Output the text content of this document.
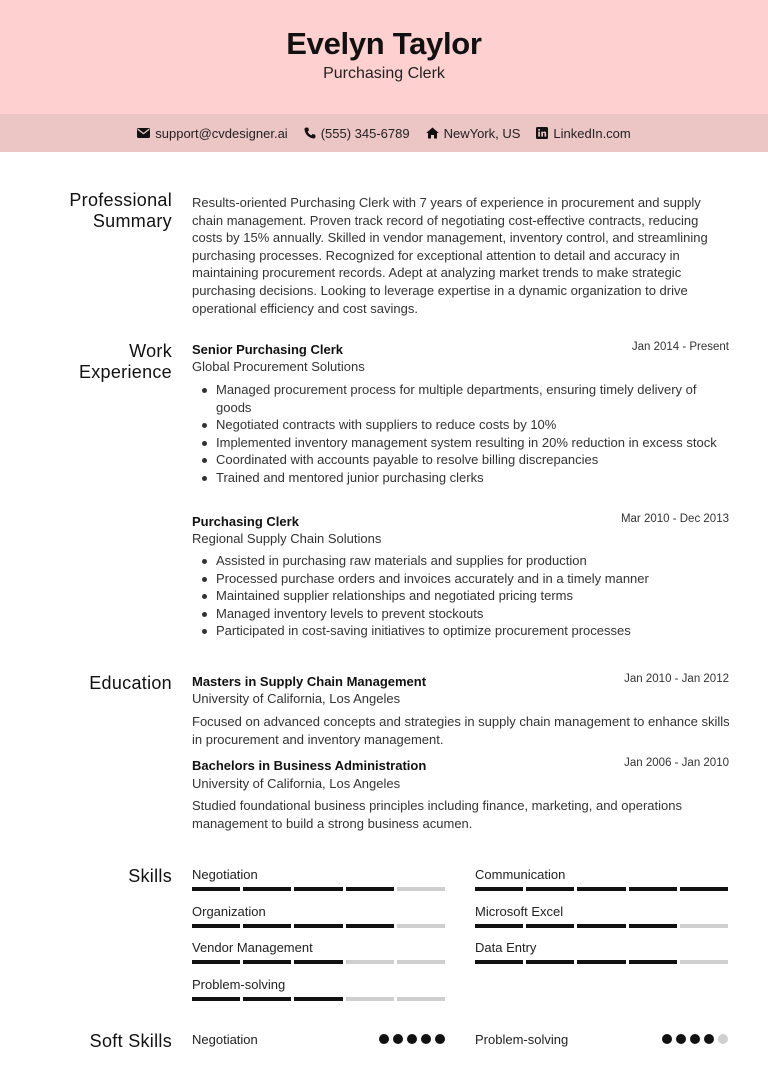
Evelyn Taylor
Purchasing Clerk
support@cvdesigner.ai	(555) 345-6789	NewYork, US	LinkedIn.com
Professional
Summary
Results-oriented Purchasing Clerk with 7 years of experience in procurement and supply chain management. Proven track record of negotiating cost-effective contracts, reducing costs by 15% annually. Skilled in vendor management, inventory control, and streamlining purchasing processes. Recognized for exceptional attention to detail and accuracy in maintaining procurement records. Adept at analyzing market trends to make strategic purchasing decisions. Looking to leverage expertise in a dynamic organization to drive operational efficiency and cost savings.
Work
Experience
Senior Purchasing Clerk	Jan 2014 - Present
Global Procurement Solutions
Managed procurement process for multiple departments, ensuring timely delivery of goods
Negotiated contracts with suppliers to reduce costs by 10%
Implemented inventory management system resulting in 20% reduction in excess stock
Coordinated with accounts payable to resolve billing discrepancies
Trained and mentored junior purchasing clerks
Purchasing Clerk	Mar 2010 - Dec 2013
Regional Supply Chain Solutions
Assisted in purchasing raw materials and supplies for production
Processed purchase orders and invoices accurately and in a timely manner
Maintained supplier relationships and negotiated pricing terms
Managed inventory levels to prevent stockouts
Participated in cost-saving initiatives to optimize procurement processes
Education Masters in Supply Chain Management	Jan 2010 - Jan 2012
University of California, Los Angeles
Focused on advanced concepts and strategies in supply chain management to enhance skills in procurement and inventory management.
Bachelors in Business Administration	Jan 2006 - Jan 2010
University of California, Los Angeles
Studied foundational business principles including finance, marketing, and operations management to build a strong business acumen.
Skills Negotiation	Communication
Organization	Microsoft Excel
Vendor Management	Data Entry
Problem-solving
Soft Skills Negotiation	Problem-solving
